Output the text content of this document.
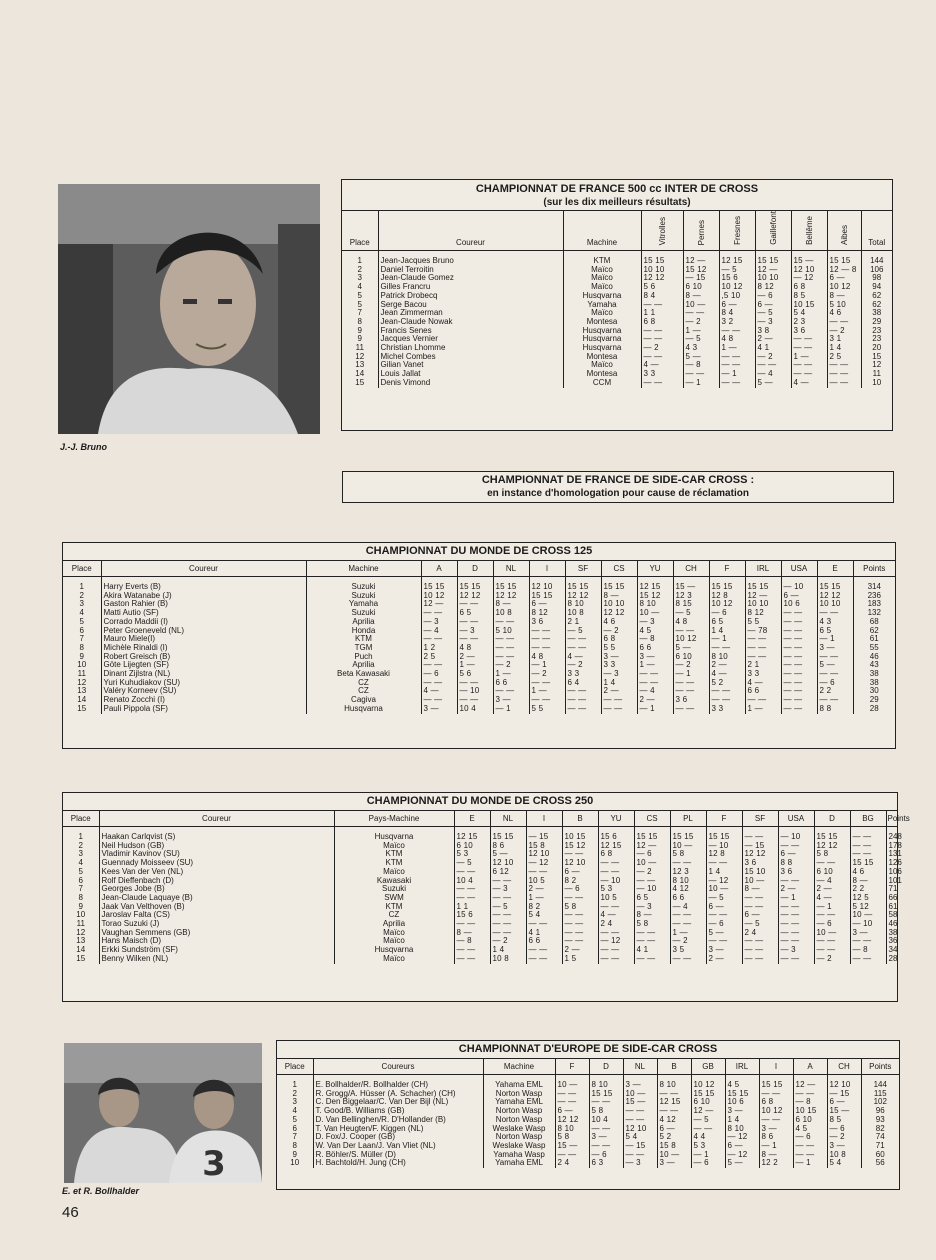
J.-J. Bruno
CHAMPIONNAT DE FRANCE 500 cc INTER DE CROSS
(sur les dix meilleurs résultats)
Place	Coureur	Machine	Vitrolles	Pernes	Fresnes	Gaillefont	Bellême	Aibes	Total

1	Jean-Jacques Bruno	KTM	15 15	12 —	12 15	15 15	15 —	15 15	144
2	Daniel Terroitin	Maïco	10 10	15 12	— 5	12 —	12 10	12 — 8	106
3	Jean-Claude Gomez	Maïco	12 12	— 15	15 6	10 10	— 12	6 —	98
4	Gilles Francru	Maïco	5 6	6 10	10 12	8 12	6 8	10 12	94
5	Patrick Drobecq	Husqvarna	8 4	8 —	,5 10	— 6	8 5	8 —	62
5	Serge Bacou	Yamaha	— —	10 —	6 —	6 —	10 15	5 10	62
7	Jean Zimmerman	Maïco	1 1	— —	8 4	— 5	5 4	4 6	38
8	Jean-Claude Nowak	Montesa	6 8	— 2	3 2	— 3	2 3	— —	29
9	Francis Senes	Husqvarna	— —	1 —	— —	3 8	3 6	— 2	23
9	Jacques Vernier	Husqvarna	— —	— 5	4 8	2 —	— —	3 1	23
11	Christian Lhomme	Husqvarna	— 2	4 3	1 —	4 1	— —	1 4	20
12	Michel Combes	Montesa	— —	5 —	— —	— 2	1 —	2 5	15
13	Gilian Vanet	Maïco	4 —	— 8	— —	— —	— —	— —	12
14	Louis Jallat	Montesa	3 3	— —	— 1	— 4	— —	— —	11
15	Denis Vimond	CCM	— —	— 1	— —	5 —	4 —	— —	10
CHAMPIONNAT DE FRANCE DE SIDE-CAR CROSS :
en instance d'homologation pour cause de réclamation
CHAMPIONNAT DU MONDE DE CROSS 125
Place	Coureur	Machine	A	D	NL	I	SF	CS	YU	CH	F	IRL	USA	E	Points

1	Harry Everts (B)	Suzuki	15 15	15 15	15 15	12 10	15 15	15 15	12 15	15 —	15 15	15 15	— 10	15 15	314
2	Akira Watanabe (J)	Suzuki	10 12	12 12	12 12	15 15	12 12	8 —	15 12	12 3	12 8	12 —	6 —	12 12	236
3	Gaston Rahier (B)	Yamaha	12 —	— —	8 —	6 —	8 10	10 10	8 10	8 15	10 12	10 10	10 6	10 10	183
4	Matti Autio (SF)	Suzuki	— —	6 5	10 8	8 12	10 8	12 12	10 —	— 5	— 6	8 12	— —	— —	132
5	Corrado Maddii (I)	Aprilia	— 3	— —	— —	3 6	2 1	4 6	— 3	4 8	6 5	5 5	— —	4 3	68
6	Peter Groeneveld (NL)	Honda	— 4	— 3	5 10	— —	— 5	— 2	4 5	— —	1 4	— 78	— —	6 5	62
7	Mauro Miele(I)	KTM	— —	— —	— —	— —	— —	6 8	— 8	10 12	— 1	— —	— —	— 1	61
8	Michèle Rinaldi (I)	TGM	1 2	4 8	— —	— —	— —	5 5	6 6	5 —	— —	— —	— —	3 —	55
9	Robert Greisch (B)	Puch	2 5	2 —	— —	4 8	4 —	3 —	3 —	6 10	8 10	— —	— —	— —	46
10	Göte Lijegten (SF)	Aprilia	— —	1 —	— 2	— 1	— 2	3 3	1 —	— 2	2 —	2 1	— —	5 —	43
11	Dinant Zijlstra (NL)	Beta Kawasaki	— 6	5 6	1 —	— 2	3 3	— 3	— —	— 1	4 —	3 3	— —	— —	38
12	Yuri Kuhudiakov (SU)	CZ	— —	— —	6 6	— —	6 4	1 4	— —	— —	5 2	4 —	— —	— 6	38
13	Valéry Korneev (SU)	CZ	4 —	— 10	— —	1 —	— —	2 —	— 4	— —	— —	6 6	— —	2 2	30
14	Renato Zocchi (I)	Cagiva	— —	— —	3 —	— —	— —	— —	2 —	3 6	— —	— —	— —	— —	29
15	Pauli Pippola (SF)	Husqvarna	3 —	10 4	— 1	5 5	— —	— —	— 1	— —	3 3	1 —	— —	8 8	28
CHAMPIONNAT DU MONDE DE CROSS 250
Place	Coureur	Pays-Machine	E	NL	I	B	YU	CS	PL	F	SF	USA	D	BG	Points

1	Haakan Carlqvist (S)	Husqvarna	12 15	15 15	— 15	10 15	15 6	15 15	15 15	15 15	— —	— 10	15 15	— —	248
2	Neil Hudson (GB)	Maïco	6 10	8 6	15 8	15 12	12 15	12 —	10 —	— 10	— 15	— —	12 12	— —	178
3	Vladimir Kavinov (SU)	KTM	5 3	5 —	12 10	— —	6 8	— 6	5 8	12 8	12 12	6 —	5 8	— —	131
4	Guennady Moisseev (SU)	KTM	— 5	12 10	— 12	12 10	— —	10 —	— —	— —	3 6	8 8	— —	15 15	126
5	Kees Van der Ven (NL)	Maïco	— —	6 12	— —	6 —	— —	— 2	12 3	1 4	15 10	3 6	6 10	4 6	106
6	Rolf Dieffenbach (D)	Kawasaki	10 4	— —	10 5	8 2	— 10	— —	8 10	— 12	10 —	— —	— 4	8 —	101
7	Georges Jobe (B)	Suzuki	— —	— 3	2 —	— 6	5 3	— 10	4 12	10 —	8 —	2 —	2 —	2 2	71
8	Jean-Claude Laquaye (B)	SWM	— —	— —	1 —	— —	10 5	6 5	6 6	— 5	— —	— 1	4 —	12 5	66
9	Jaak Van Velthoven (B)	KTM	1 1	— 5	8 2	5 8	— —	— 3	— 4	6 —	— —	— —	— 1	5 12	61
10	Jaroslav Falta (CS)	CZ	15 6	— —	5 4	— —	4 —	8 —	— —	— —	6 —	— —	— —	10 —	58
11	Torao Suzuki (J)	Aprilia	— —	— —	— —	— —	2 4	5 8	— —	— 6	— 5	— —	— 6	— 10	46
12	Vaughan Semmens (GB)	Maïco	8 —	— —	4 1	— —	— —	— —	1 —	5 —	2 4	— —	10 —	3 —	38
13	Hans Maisch (D)	Maïco	— 8	— 2	6 6	— —	— 12	— —	— 2	— —	— —	— —	— —	— —	36
14	Erkki Sundström (SF)	Husqvarna	— —	1 4	— —	2 —	— —	4 1	3 5	3 —	— —	— 3	— —	— 8	34
15	Benny Wilken (NL)	Maïco	— —	10 8	— —	1 5	— —	— —	— —	2 —	— —	— —	— 2	— —	28
3
E. et R. Bollhalder
CHAMPIONNAT D'EUROPE DE SIDE-CAR CROSS
Place	Coureurs	Machine	F	D	NL	B	GB	IRL	I	A	CH	Points

1	E. Bollhalder/R. Bollhalder (CH)	Yahama EML	10 —	8 10	3 —	8 10	10 12	4 5	15 15	12 —	12 10	144
2	R. Grogg/A. Hüsser (A. Schacher) (CH)	Norton Wasp	— —	15 15	10 —	— —	15 15	15 15	— —	— —	— 15	115
3	C. Den Biggelaar/C. Van Der Bijl (NL)	Yamaha EML	— —	— —	15 —	12 15	6 10	10 6	6 8	— 8	6 —	102
4	T. Good/B. Williams (GB)	Norton Wasp	6 —	5 8	— —	— —	12 —	3 —	10 12	10 15	15 —	96
5	D. Van Bellinghen/R. D'Hollander (B)	Norton Wasp	12 12	10 4	— —	4 12	— 5	1 4	— —	6 10	8 5	93
6	T. Van Heugten/F. Kiggen (NL)	Weslake Wasp	8 10	— —	12 10	6 —	— —	8 10	3 —	4 5	— 6	82
7	D. Fox/J. Cooper (GB)	Norton Wasp	5 8	3 —	5 4	5 2	4 4	— 12	8 6	— 6	— 2	74
8	W. Van Der Laan/J. Van Vliet (NL)	Weslake Wasp	15 —	— —	— 15	15 8	5 3	6 —	— 1	— —	3 —	71
9	R. Böhler/S. Müller (D)	Yamaha Wasp	— —	— 6	— —	10 —	— 1	— 12	8 —	— —	10 8	60
10	H. Bachtold/H. Jung (CH)	Yamaha EML	2 4	6 3	— 3	3 —	— 6	5 —	12 2	— 1	5 4	56
46
